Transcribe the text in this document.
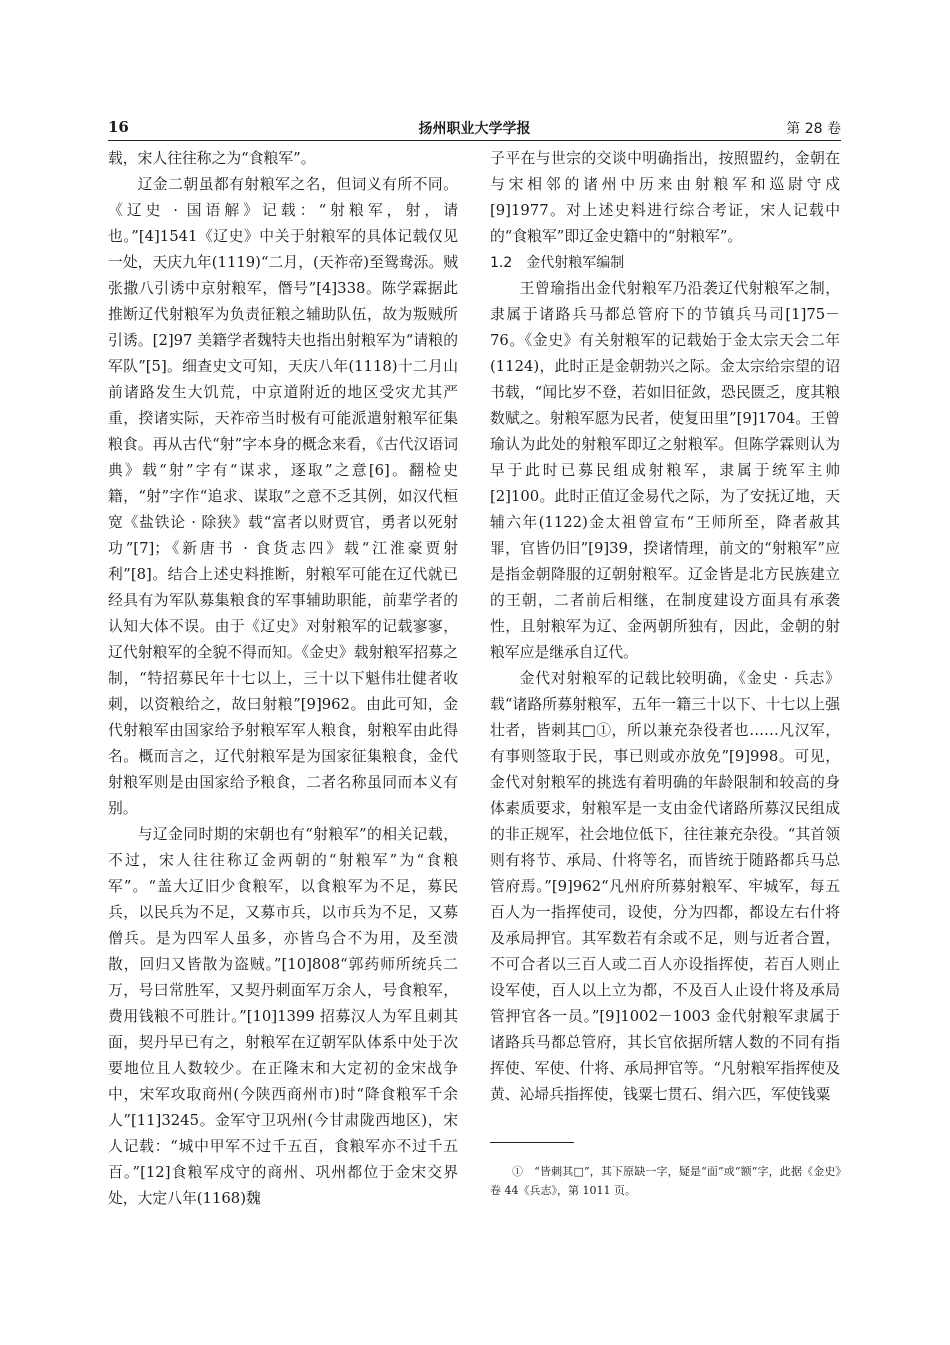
16	扬州职业大学学报	第 28 卷

载，宋人往往称之为“食粮军”。

辽金二朝虽都有射粮军之名，但词义有所不同。《辽史 · 国语解》记载：“射粮军，射，请也。”[4]1541《辽史》中关于射粮军的具体记载仅见一处，天庆九年(1119)“二月，(天祚帝)至鸳鸯泺。贼张撒八引诱中京射粮军，僭号”[4]338。陈学霖据此推断辽代射粮军为负责征粮之辅助队伍，故为叛贼所引诱。[2]97 美籍学者魏特夫也指出射粮军为“请粮的军队”[5]。细查史文可知，天庆八年(1118)十二月山前诸路发生大饥荒，中京道附近的地区受灾尤其严重，揆诸实际，天祚帝当时极有可能派遣射粮军征集粮食。再从古代“射”字本身的概念来看，《古代汉语词典》载“射”字有“谋求，逐取”之意[6]。翻检史籍，“射”字作“追求、谋取”之意不乏其例，如汉代桓宽《盐铁论 · 除狭》载“富者以财贾官，勇者以死射功”[7]；《新唐书 · 食货志四》载“江淮豪贾射利”[8]。结合上述史料推断，射粮军可能在辽代就已经具有为军队募集粮食的军事辅助职能，前辈学者的认知大体不误。由于《辽史》对射粮军的记载寥寥，辽代射粮军的全貌不得而知。《金史》载射粮军招募之制，“特招募民年十七以上，三十以下魁伟壮健者收刺，以资粮给之，故曰射粮”[9]962。由此可知，金代射粮军由国家给予射粮军军人粮食，射粮军由此得名。概而言之，辽代射粮军是为国家征集粮食，金代射粮军则是由国家给予粮食，二者名称虽同而本义有别。

与辽金同时期的宋朝也有“射粮军”的相关记载，不过，宋人往往称辽金两朝的“射粮军”为“食粮军”。“盖大辽旧少食粮军，以食粮军为不足，募民兵，以民兵为不足，又募市兵，以市兵为不足，又募僧兵。是为四军人虽多，亦皆乌合不为用，及至溃散，回归又皆散为盗贼。”[10]808“郭药师所统兵二万，号曰常胜军，又契丹刺面军万余人，号食粮军，费用钱粮不可胜计。”[10]1399 招募汉人为军且刺其面，契丹早已有之，射粮军在辽朝军队体系中处于次要地位且人数较少。在正隆末和大定初的金宋战争中，宋军攻取商州(今陕西商州市)时“降食粮军千余人”[11]3245。金军守卫巩州(今甘肃陇西地区)，宋人记载：“城中甲军不过千五百，食粮军亦不过千五百。”[12]食粮军戍守的商州、巩州都位于金宋交界处，大定八年(1168)魏

子平在与世宗的交谈中明确指出，按照盟约，金朝在与宋相邻的诸州中历来由射粮军和巡尉守戍[9]1977。对上述史料进行综合考证，宋人记载中的“食粮军”即辽金史籍中的“射粮军”。

1.2　金代射粮军编制

王曾瑜指出金代射粮军乃沿袭辽代射粮军之制，隶属于诸路兵马都总管府下的节镇兵马司[1]75－76。《金史》有关射粮军的记载始于金太宗天会二年(1124)，此时正是金朝勃兴之际。金太宗给宗望的诏书载，“闻比岁不登，若如旧征敛，恐民匮乏，度其粮数赋之。射粮军愿为民者，使复田里”[9]1704。王曾瑜认为此处的射粮军即辽之射粮军。但陈学霖则认为早于此时已募民组成射粮军，隶属于统军主帅[2]100。此时正值辽金易代之际，为了安抚辽地，天辅六年(1122)金太祖曾宣布“王师所至，降者赦其罪，官皆仍旧”[9]39，揆诸情理，前文的“射粮军”应是指金朝降服的辽朝射粮军。辽金皆是北方民族建立的王朝，二者前后相继，在制度建设方面具有承袭性，且射粮军为辽、金两朝所独有，因此，金朝的射粮军应是继承自辽代。

金代对射粮军的记载比较明确，《金史 · 兵志》载“诸路所募射粮军，五年一籍三十以下、十七以上强壮者，皆刺其□①，所以兼充杂役者也……凡汉军，有事则签取于民，事已则或亦放免”[9]998。可见，金代对射粮军的挑选有着明确的年龄限制和较高的身体素质要求，射粮军是一支由金代诸路所募汉民组成的非正规军，社会地位低下，往往兼充杂役。“其首领则有将节、承局、什将等名，而皆统于随路都兵马总管府焉。”[9]962“凡州府所募射粮军、牢城军，每五百人为一指挥使司，设使，分为四都，都设左右什将及承局押官。其军数若有余或不足，则与近者合置，不可合者以三百人或二百人亦设指挥使，若百人则止设军使，百人以上立为都，不及百人止设什将及承局管押官各一员。”[9]1002－1003 金代射粮军隶属于诸路兵马都总管府，其长官依据所辖人数的不同有指挥使、军使、什将、承局押官等。“凡射粮军指挥使及黄、沁埽兵指挥使，钱粟七贯石、绢六匹，军使钱粟

①　“皆刺其□”，其下原缺一字，疑是“面”或“额”字，此据《金史》卷 44《兵志》，第 1011 页。
